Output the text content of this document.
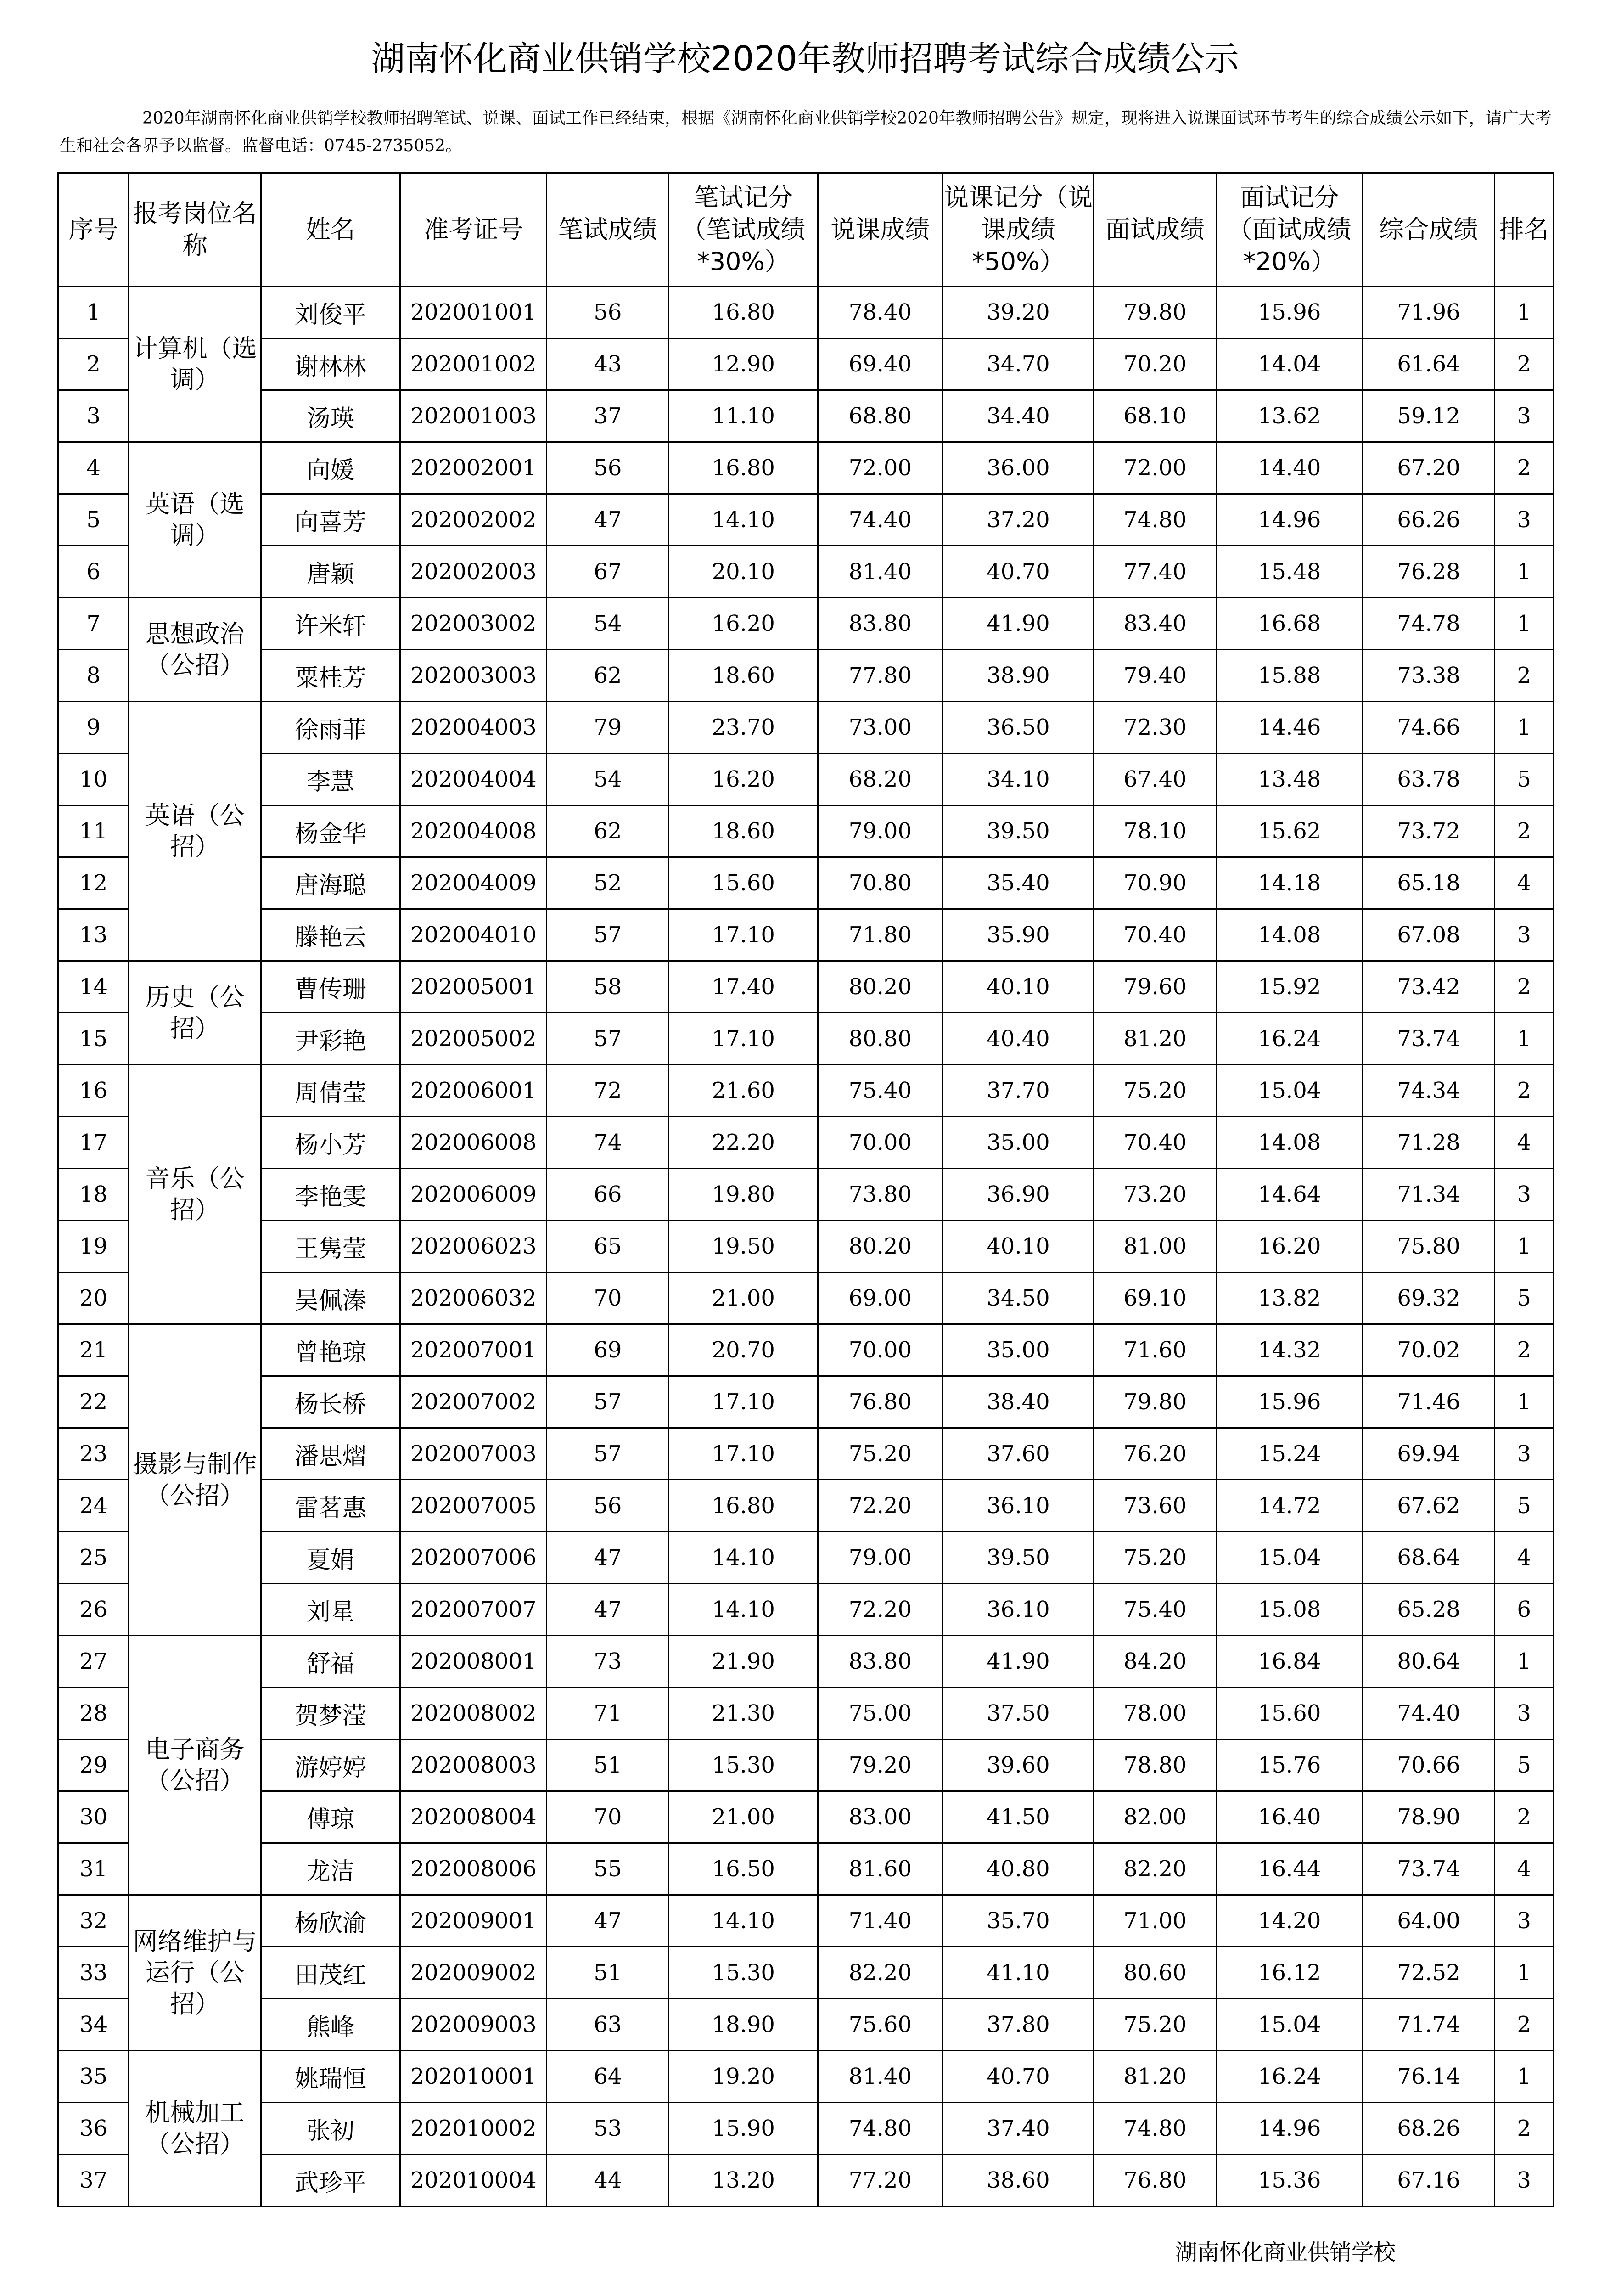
湖南怀化商业供销学校2020年教师招聘考试综合成绩公示
2020年湖南怀化商业供销学校教师招聘笔试、说课、面试工作已经结束，根据《湖南怀化商业供销学校2020年教师招聘公告》规定，现将进入说课面试环节考生的综合成绩公示如下，请广大考生和社会各界予以监督。监督电话：0745-2735052。
序号	报考岗位名称	姓名	准考证号	笔试成绩	笔试记分（笔试成绩*30%）	说课成绩	说课记分（说课成绩*50%）	面试成绩	面试记分（面试成绩*20%）	综合成绩	排名
1	计算机（选调）	刘俊平	202001001	56	16.80	78.40	39.20	79.80	15.96	71.96	1
2		谢林林	202001002	43	12.90	69.40	34.70	70.20	14.04	61.64	2
3		汤瑛	202001003	37	11.10	68.80	34.40	68.10	13.62	59.12	3
4	英语（选调）	向媛	202002001	56	16.80	72.00	36.00	72.00	14.40	67.20	2
5		向喜芳	202002002	47	14.10	74.40	37.20	74.80	14.96	66.26	3
6		唐颖	202002003	67	20.10	81.40	40.70	77.40	15.48	76.28	1
7	思想政治（公招）	许米轩	202003002	54	16.20	83.80	41.90	83.40	16.68	74.78	1
8		粟桂芳	202003003	62	18.60	77.80	38.90	79.40	15.88	73.38	2
9	英语（公招）	徐雨菲	202004003	79	23.70	73.00	36.50	72.30	14.46	74.66	1
10		李慧	202004004	54	16.20	68.20	34.10	67.40	13.48	63.78	5
11		杨金华	202004008	62	18.60	79.00	39.50	78.10	15.62	73.72	2
12		唐海聪	202004009	52	15.60	70.80	35.40	70.90	14.18	65.18	4
13		滕艳云	202004010	57	17.10	71.80	35.90	70.40	14.08	67.08	3
14	历史（公招）	曹传珊	202005001	58	17.40	80.20	40.10	79.60	15.92	73.42	2
15		尹彩艳	202005002	57	17.10	80.80	40.40	81.20	16.24	73.74	1
16	音乐（公招）	周倩莹	202006001	72	21.60	75.40	37.70	75.20	15.04	74.34	2
17		杨小芳	202006008	74	22.20	70.00	35.00	70.40	14.08	71.28	4
18		李艳雯	202006009	66	19.80	73.80	36.90	73.20	14.64	71.34	3
19		王隽莹	202006023	65	19.50	80.20	40.10	81.00	16.20	75.80	1
20		吴佩溱	202006032	70	21.00	69.00	34.50	69.10	13.82	69.32	5
21	摄影与制作（公招）	曾艳琼	202007001	69	20.70	70.00	35.00	71.60	14.32	70.02	2
22		杨长桥	202007002	57	17.10	76.80	38.40	79.80	15.96	71.46	1
23		潘思熠	202007003	57	17.10	75.20	37.60	76.20	15.24	69.94	3
24		雷茗惠	202007005	56	16.80	72.20	36.10	73.60	14.72	67.62	5
25		夏娟	202007006	47	14.10	79.00	39.50	75.20	15.04	68.64	4
26		刘星	202007007	47	14.10	72.20	36.10	75.40	15.08	65.28	6
27	电子商务（公招）	舒福	202008001	73	21.90	83.80	41.90	84.20	16.84	80.64	1
28		贺梦滢	202008002	71	21.30	75.00	37.50	78.00	15.60	74.40	3
29		游婷婷	202008003	51	15.30	79.20	39.60	78.80	15.76	70.66	5
30		傅琼	202008004	70	21.00	83.00	41.50	82.00	16.40	78.90	2
31		龙洁	202008006	55	16.50	81.60	40.80	82.20	16.44	73.74	4
32	网络维护与运行（公招）	杨欣渝	202009001	47	14.10	71.40	35.70	71.00	14.20	64.00	3
33		田茂红	202009002	51	15.30	82.20	41.10	80.60	16.12	72.52	1
34		熊峰	202009003	63	18.90	75.60	37.80	75.20	15.04	71.74	2
35	机械加工（公招）	姚瑞恒	202010001	64	19.20	81.40	40.70	81.20	16.24	76.14	1
36		张初	202010002	53	15.90	74.80	37.40	74.80	14.96	68.26	2
37		武珍平	202010004	44	13.20	77.20	38.60	76.80	15.36	67.16	3
湖南怀化商业供销学校
